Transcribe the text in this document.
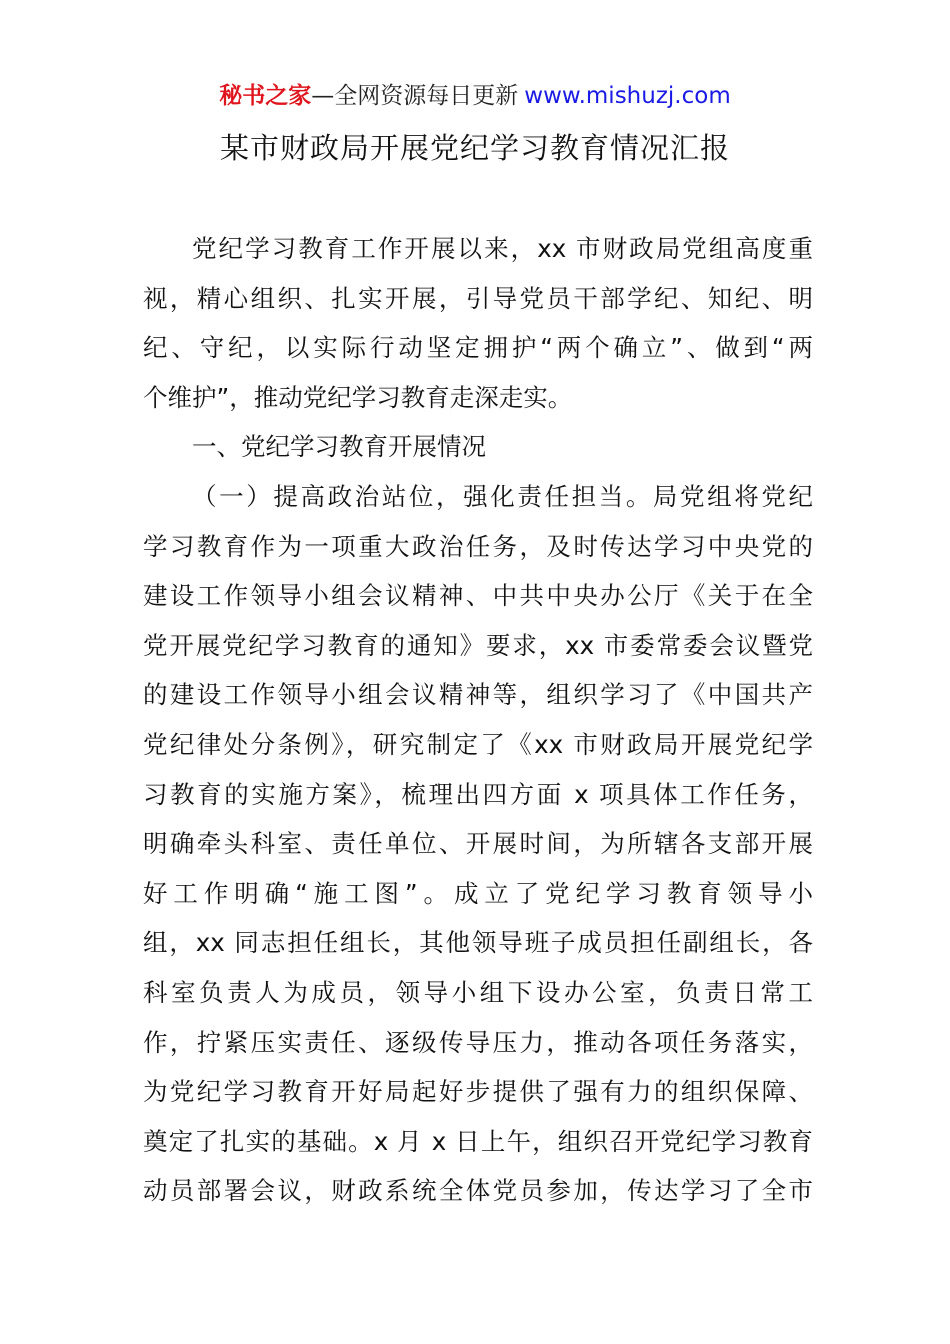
秘书之家—全网资源每日更新 www.mishuzj.com
某市财政局开展党纪学习教育情况汇报
党纪学习教育工作开展以来，xx 市财政局党组高度重
视，精心组织、扎实开展，引导党员干部学纪、知纪、明
纪、守纪，以实际行动坚定拥护“两个确立”、做到“两
个维护”，推动党纪学习教育走深走实。
一、党纪学习教育开展情况
（一）提高政治站位，强化责任担当。局党组将党纪
学习教育作为一项重大政治任务，及时传达学习中央党的
建设工作领导小组会议精神、中共中央办公厅《关于在全
党开展党纪学习教育的通知》要求，xx 市委常委会议暨党
的建设工作领导小组会议精神等，组织学习了《中国共产
党纪律处分条例》，研究制定了《xx 市财政局开展党纪学
习教育的实施方案》，梳理出四方面 x 项具体工作任务，
明确牵头科室、责任单位、开展时间，为所辖各支部开展
好工作明确“施工图”。成立了党纪学习教育领导小
组，xx 同志担任组长，其他领导班子成员担任副组长，各
科室负责人为成员，领导小组下设办公室，负责日常工
作，拧紧压实责任、逐级传导压力，推动各项任务落实，
为党纪学习教育开好局起好步提供了强有力的组织保障、
奠定了扎实的基础。x 月 x 日上午，组织召开党纪学习教育
动员部署会议，财政系统全体党员参加，传达学习了全市
